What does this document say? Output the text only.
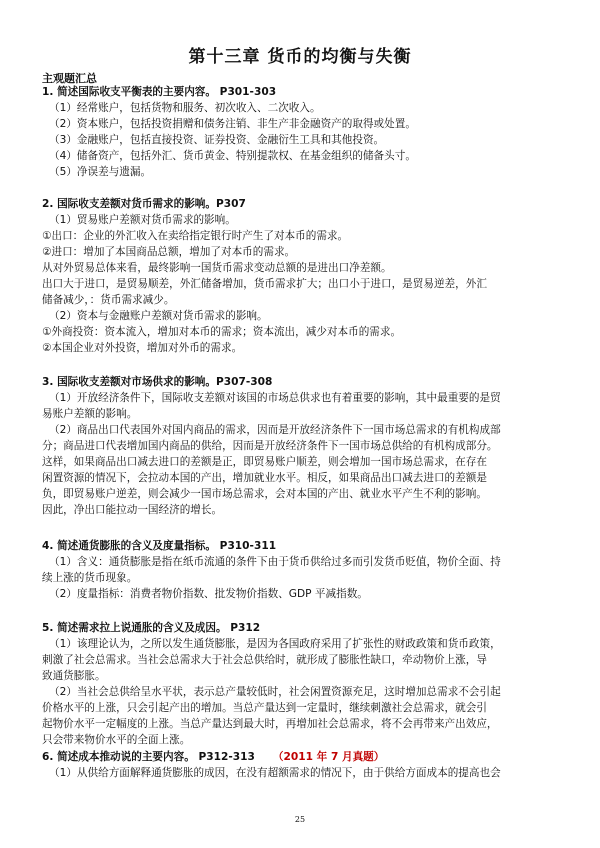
第十三章 货币的均衡与失衡

主观题汇总

1. 简述国际收支平衡表的主要内容。 P301-303

（1）经常账户，包括货物和服务、初次收入、二次收入。

（2）资本账户，包括投资捐赠和债务注销、非生产非金融资产的取得或处置。

（3）金融账户，包括直接投资、证券投资、金融衍生工具和其他投资。

（4）储备资产，包括外汇、货币黄金、特别提款权、在基金组织的储备头寸。

（5）净误差与遗漏。

2. 国际收支差额对货币需求的影响。P307

（1）贸易账户差额对货币需求的影响。

①出口：企业的外汇收入在卖给指定银行时产生了对本币的需求。

②进口：增加了本国商品总额，增加了对本币的需求。

从对外贸易总体来看，最终影响一国货币需求变动总额的是进出口净差额。

出口大于进口，是贸易顺差，外汇储备增加，货币需求扩大；出口小于进口，是贸易逆差，外汇

储备减少，：货币需求减少。

（2）资本与金融账户差额对货币需求的影响。

①外商投资：资本流入，增加对本币的需求；资本流出，减少对本币的需求。

②本国企业对外投资，增加对外币的需求。

3. 国际收支差额对市场供求的影响。P307-308

（1）开放经济条件下，国际收支差额对该国的市场总供求也有着重要的影响，其中最重要的是贸

易账户差额的影响。

（2）商品出口代表国外对国内商品的需求，因而是开放经济条件下一国市场总需求的有机构成部

分；商品进口代表增加国内商品的供给，因而是开放经济条件下一国市场总供给的有机构成部分。

这样，如果商品出口减去进口的差额是正，即贸易账户顺差，则会增加一国市场总需求，在存在

闲置资源的情况下，会拉动本国的产出，增加就业水平。相反，如果商品出口减去进口的差额是

负，即贸易账户逆差，则会减少一国市场总需求，会对本国的产出、就业水平产生不利的影响。

因此，净出口能拉动一国经济的增长。

4. 简述通货膨胀的含义及度量指标。 P310-311

（1）含义：通货膨胀是指在纸币流通的条件下由于货币供给过多而引发货币贬值，物价全面、持

续上涨的货币现象。

（2）度量指标：消费者物价指数、批发物价指数、GDP 平减指数。

5. 简述需求拉上说通胀的含义及成因。 P312

（1）该理论认为，之所以发生通货膨胀，是因为各国政府采用了扩张性的财政政策和货币政策，

刺激了社会总需求。当社会总需求大于社会总供给时，就形成了膨胀性缺口，牵动物价上涨，导

致通货膨胀。

（2）当社会总供给呈水平状，表示总产量较低时，社会闲置资源充足，这时增加总需求不会引起

价格水平的上涨，只会引起产出的增加。当总产量达到一定量时，继续刺激社会总需求，就会引

起物价水平一定幅度的上涨。当总产量达到最大时，再增加社会总需求，将不会再带来产出效应，

只会带来物价水平的全面上涨。

6. 简述成本推动说的主要内容。 P312-313 （2011 年 7 月真题）

（1）从供给方面解释通货膨胀的成因，在没有超额需求的情况下，由于供给方面成本的提高也会

25
